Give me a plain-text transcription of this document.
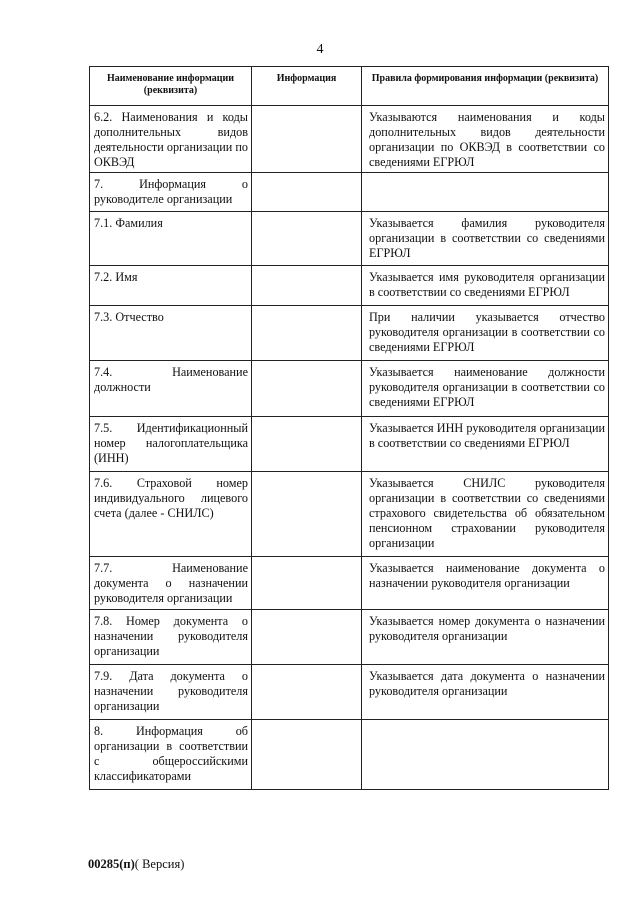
4
Наименование информации (реквизита)	Информация	Правила формирования информации (реквизита)
6.2. Наименования и коды дополнительных видов деятельности организации по ОКВЭД		Указываются наименования и коды дополнительных видов деятельности организации по ОКВЭД в соответствии со сведениями ЕГРЮЛ
7. Информация о руководителе организации		
7.1. Фамилия		Указывается фамилия руководителя организации в соответствии со сведениями ЕГРЮЛ
7.2. Имя		Указывается имя руководителя организации в соответствии со сведениями ЕГРЮЛ
7.3. Отчество		При наличии указывается отчество руководителя организации в соответствии со сведениями ЕГРЮЛ
7.4. Наименование должности		Указывается наименование должности руководителя организации в соответствии со сведениями ЕГРЮЛ
7.5. Идентификационный номер налогоплательщика (ИНН)		Указывается ИНН руководителя организации в соответствии со сведениями ЕГРЮЛ
7.6. Страховой номер индивидуального лицевого счета (далее - СНИЛС)		Указывается СНИЛС руководителя организации в соответствии со сведениями страхового свидетельства об обязательном пенсионном страховании руководителя организации
7.7. Наименование документа о назначении руководителя организации		Указывается наименование документа о назначении руководителя организации
7.8. Номер документа о назначении руководителя организации		Указывается номер документа о назначении руководителя организации
7.9. Дата документа о назначении руководителя организации		Указывается дата документа о назначении руководителя организации
8. Информация об организации в соответствии с общероссийскими классификаторами		
00285(п)( Версия)
